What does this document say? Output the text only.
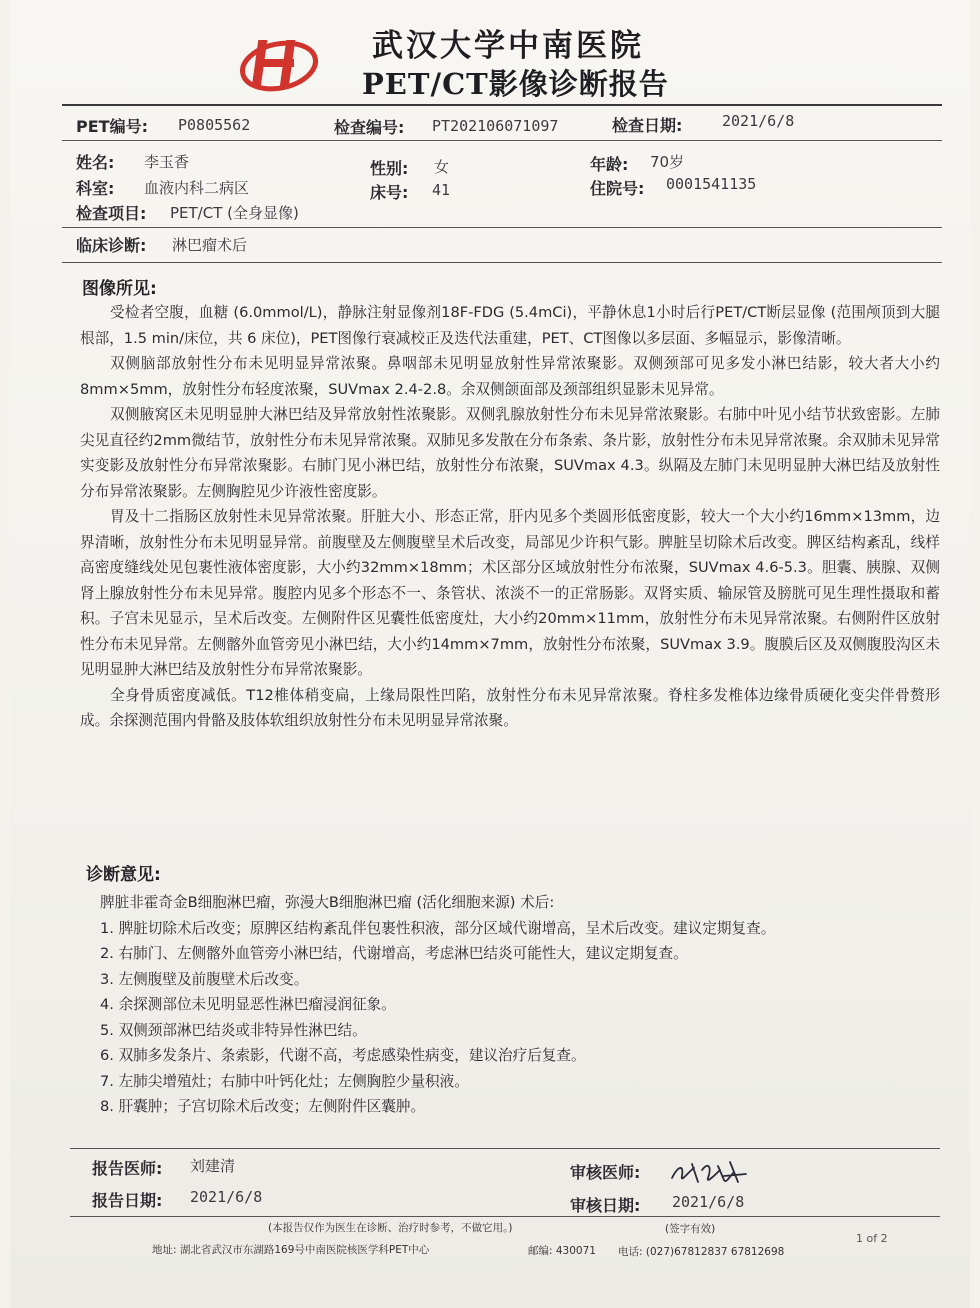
武汉大学中南医院
PET/CT影像诊断报告
PET编号: P0805562	检查编号: PT202106071097	检查日期:	2021/6/8
姓名: 李玉香	性别: 女	年龄: 70岁
科室: 血液内科二病区	床号: 41	住院号: 0001541135
检查项目: PET/CT (全身显像)
临床诊断: 淋巴瘤术后
图像所见:

受检者空腹，血糖 (6.0mmol/L)，静脉注射显像剂18F-FDG (5.4mCi)，平静休息1小时后行PET/CT断层显像 (范围颅顶到大腿根部，1.5 min/床位，共 6 床位)，PET图像行衰减校正及迭代法重建，PET、CT图像以多层面、多幅显示，影像清晰。

双侧脑部放射性分布未见明显异常浓聚。鼻咽部未见明显放射性异常浓聚影。双侧颈部可见多发小淋巴结影，较大者大小约8mm×5mm，放射性分布轻度浓聚，SUVmax 2.4-2.8。余双侧颌面部及颈部组织显影未见异常。

双侧腋窝区未见明显肿大淋巴结及异常放射性浓聚影。双侧乳腺放射性分布未见异常浓聚影。右肺中叶见小结节状致密影。左肺尖见直径约2mm微结节，放射性分布未见异常浓聚。双肺见多发散在分布条索、条片影，放射性分布未见异常浓聚。余双肺未见异常实变影及放射性分布异常浓聚影。右肺门见小淋巴结，放射性分布浓聚，SUVmax 4.3。纵隔及左肺门未见明显肿大淋巴结及放射性分布异常浓聚影。左侧胸腔见少许液性密度影。

胃及十二指肠区放射性未见异常浓聚。肝脏大小、形态正常，肝内见多个类圆形低密度影，较大一个大小约16mm×13mm，边界清晰，放射性分布未见明显异常。前腹壁及左侧腹壁呈术后改变，局部见少许积气影。脾脏呈切除术后改变。脾区结构紊乱，线样高密度缝线处见包裹性液体密度影，大小约32mm×18mm；术区部分区域放射性分布浓聚，SUVmax 4.6-5.3。胆囊、胰腺、双侧肾上腺放射性分布未见异常。腹腔内见多个形态不一、条管状、浓淡不一的正常肠影。双肾实质、输尿管及膀胱可见生理性摄取和蓄积。子宫未见显示，呈术后改变。左侧附件区见囊性低密度灶，大小约20mm×11mm，放射性分布未见异常浓聚。右侧附件区放射性分布未见异常。左侧髂外血管旁见小淋巴结，大小约14mm×7mm，放射性分布浓聚，SUVmax 3.9。腹膜后区及双侧腹股沟区未见明显肿大淋巴结及放射性分布异常浓聚影。

全身骨质密度减低。T12椎体稍变扁，上缘局限性凹陷，放射性分布未见异常浓聚。脊柱多发椎体边缘骨质硬化变尖伴骨赘形成。余探测范围内骨骼及肢体软组织放射性分布未见明显异常浓聚。

诊断意见:
脾脏非霍奇金B细胞淋巴瘤，弥漫大B细胞淋巴瘤 (活化细胞来源) 术后:
1. 脾脏切除术后改变；原脾区结构紊乱伴包裹性积液，部分区域代谢增高，呈术后改变。建议定期复查。
2. 右肺门、左侧髂外血管旁小淋巴结，代谢增高，考虑淋巴结炎可能性大，建议定期复查。
3. 左侧腹壁及前腹壁术后改变。
4. 余探测部位未见明显恶性淋巴瘤浸润征象。
5. 双侧颈部淋巴结炎或非特异性淋巴结。
6. 双肺多发条片、条索影，代谢不高，考虑感染性病变，建议治疗后复查。
7. 左肺尖增殖灶；右肺中叶钙化灶；左侧胸腔少量积液。
8. 肝囊肿；子宫切除术后改变；左侧附件区囊肿。
报告医师: 刘建清	审核医师:
报告日期: 2021/6/8	审核日期: 2021/6/8
(本报告仅作为医生在诊断、治疗时参考，不做它用。)	(签字有效)
地址: 湖北省武汉市东湖路169号中南医院核医学科PET中心	邮编: 430071 电话: (027)67812837 67812698
1 of 2
